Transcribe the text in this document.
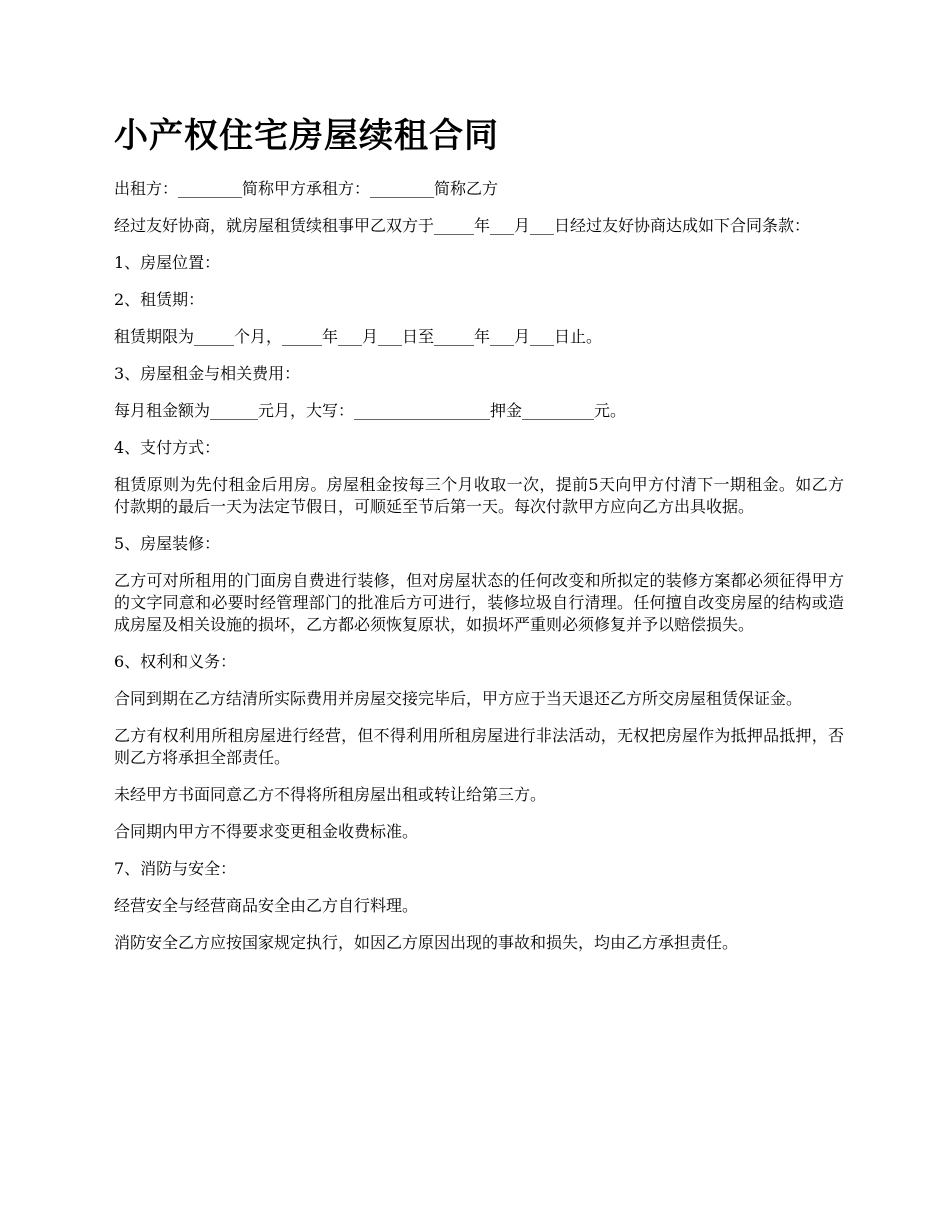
小产权住宅房屋续租合同

出租方：________简称甲方承租方：________简称乙方

经过友好协商，就房屋租赁续租事甲乙双方于_____年___月___日经过友好协商达成如下合同条款：

1、房屋位置：

2、租赁期：

租赁期限为_____个月，_____年___月___日至_____年___月___日止。

3、房屋租金与相关费用：

每月租金额为______元月，大写：_________________押金_________元。

4、支付方式：

租赁原则为先付租金后用房。房屋租金按每三个月收取一次，提前5天向甲方付清下一期租金。如乙方付款期的最后一天为法定节假日，可顺延至节后第一天。每次付款甲方应向乙方出具收据。

5、房屋装修：

乙方可对所租用的门面房自费进行装修，但对房屋状态的任何改变和所拟定的装修方案都必须征得甲方的文字同意和必要时经管理部门的批准后方可进行，装修垃圾自行清理。任何擅自改变房屋的结构或造成房屋及相关设施的损坏，乙方都必须恢复原状，如损坏严重则必须修复并予以赔偿损失。

6、权利和义务：

合同到期在乙方结清所实际费用并房屋交接完毕后，甲方应于当天退还乙方所交房屋租赁保证金。

乙方有权利用所租房屋进行经营，但不得利用所租房屋进行非法活动，无权把房屋作为抵押品抵押，否则乙方将承担全部责任。

未经甲方书面同意乙方不得将所租房屋出租或转让给第三方。

合同期内甲方不得要求变更租金收费标准。

7、消防与安全：

经营安全与经营商品安全由乙方自行料理。

消防安全乙方应按国家规定执行，如因乙方原因出现的事故和损失，均由乙方承担责任。
